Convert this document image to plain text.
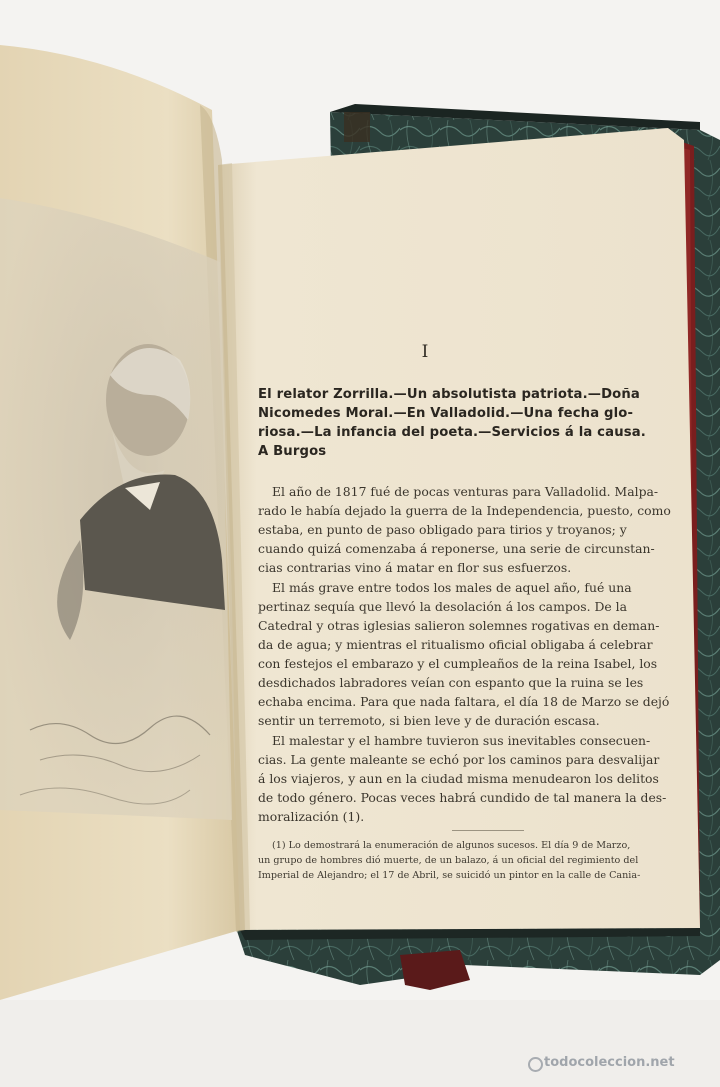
I
El relator Zorrilla.—Un absolutista patriota.—Doña
Nicomedes Moral.—En Valladolid.—Una fecha glo-
riosa.—La infancia del poeta.—Servicios á la causa.
A Burgos
El año de 1817 fué de pocas venturas para Valladolid. Malpa-
rado le había dejado la guerra de la Independencia, puesto, como
estaba, en punto de paso obligado para tirios y troyanos; y
cuando quizá comenzaba á reponerse, una serie de circunstan-
cias contrarias vino á matar en flor sus esfuerzos.
El más grave entre todos los males de aquel año, fué una
pertinaz sequía que llevó la desolación á los campos. De la
Catedral y otras iglesias salieron solemnes rogativas en deman-
da de agua; y mientras el ritualismo oficial obligaba á celebrar
con festejos el embarazo y el cumpleaños de la reina Isabel, los
desdichados labradores veían con espanto que la ruina se les
echaba encima. Para que nada faltara, el día 18 de Marzo se dejó
sentir un terremoto, si bien leve y de duración escasa.
El malestar y el hambre tuvieron sus inevitables consecuen-
cias. La gente maleante se echó por los caminos para desvalijar
á los viajeros, y aun en la ciudad misma menudearon los delitos
de todo género. Pocas veces habrá cundido de tal manera la des-
moralización (1).
(1) Lo demostrará la enumeración de algunos sucesos. El día 9 de Marzo,
un grupo de hombres dió muerte, de un balazo, á un oficial del regimiento del
Imperial de Alejandro; el 17 de Abril, se suicidó un pintor en la calle de Cania-
todocoleccion.net
